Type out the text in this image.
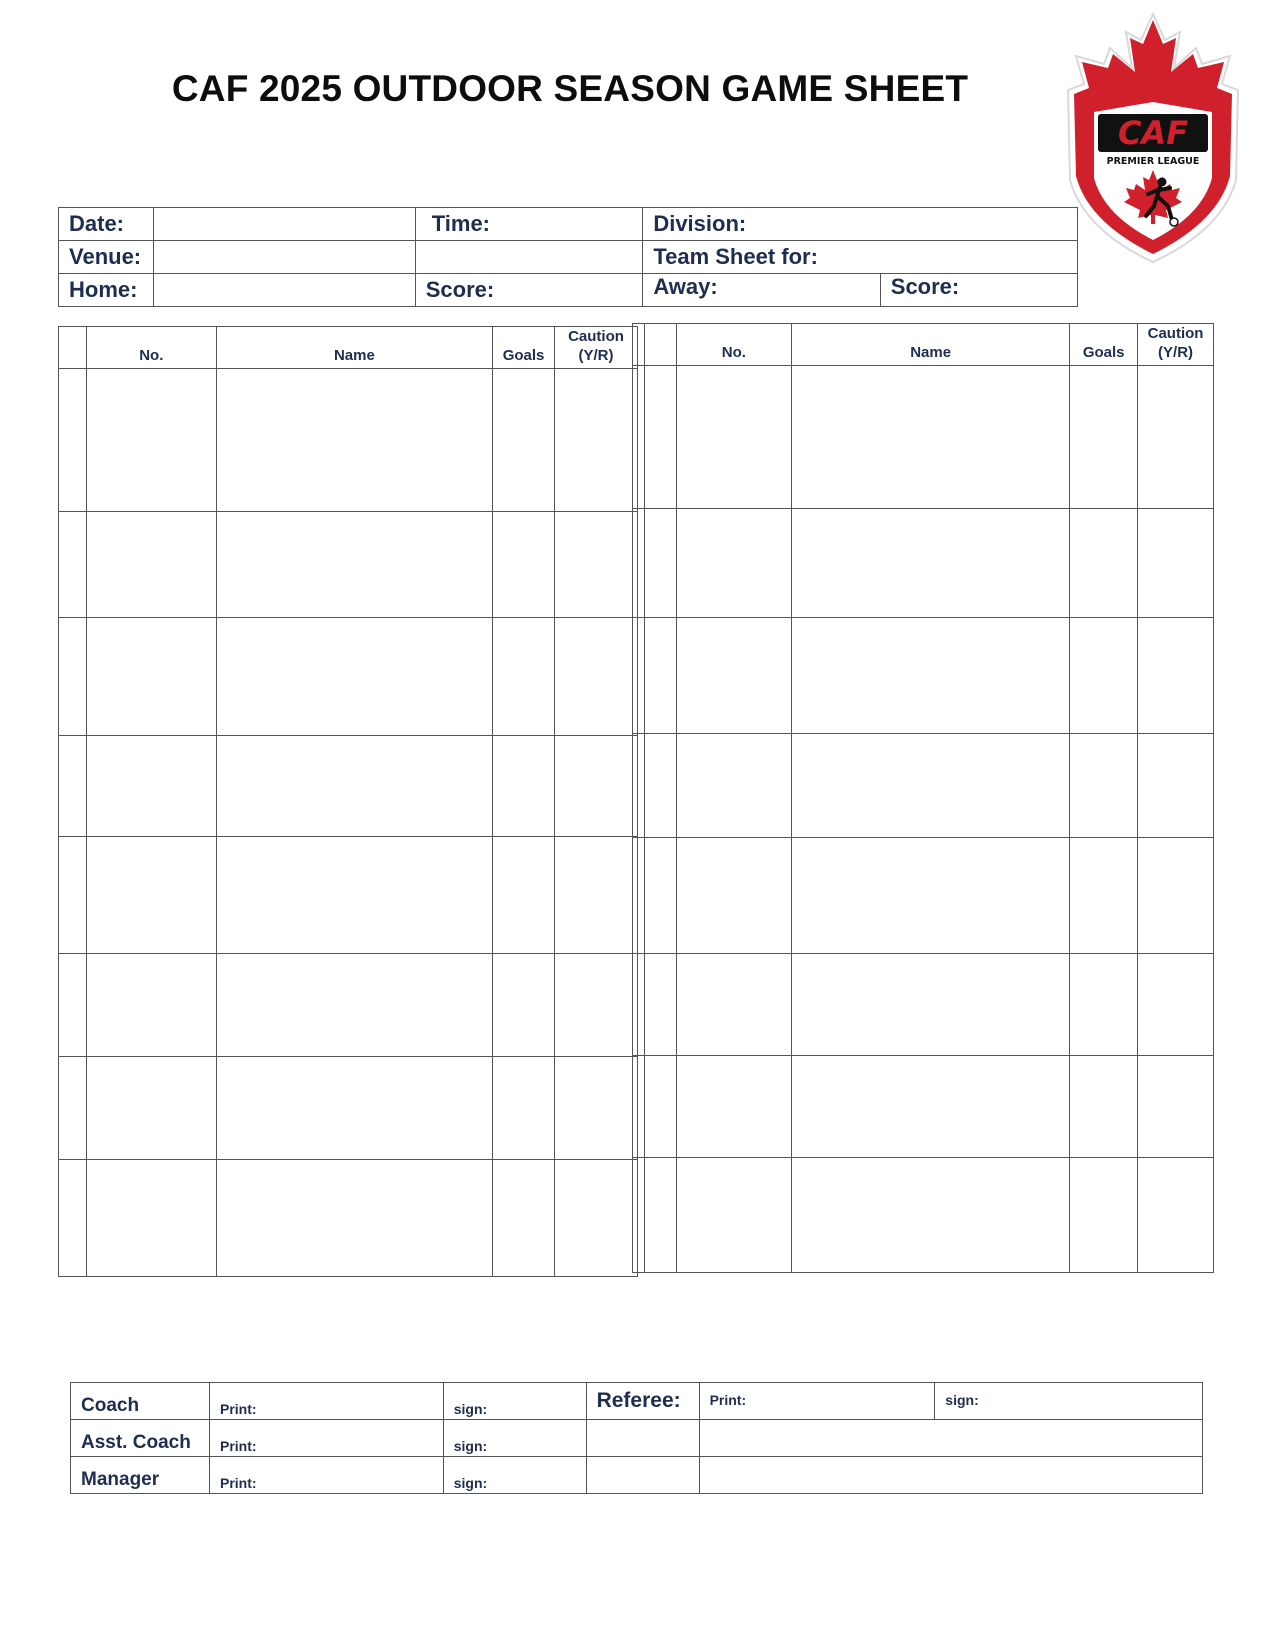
CAF 2025 OUTDOOR SEASON GAME SHEET
CAF
PREMIER LEAGUE
Date:		Time:	Division:	
Venue:			Team Sheet for:	
Home:		Score:	Away:	Score:
	No.	Name	Goals	Caution
(Y/R)

			No.	Name	Goals	Caution
(Y/R)

Coach	Print:	sign:	Referee:	Print:	sign:
Asst. Coach	Print:	sign:			
Manager	Print:	sign:			
